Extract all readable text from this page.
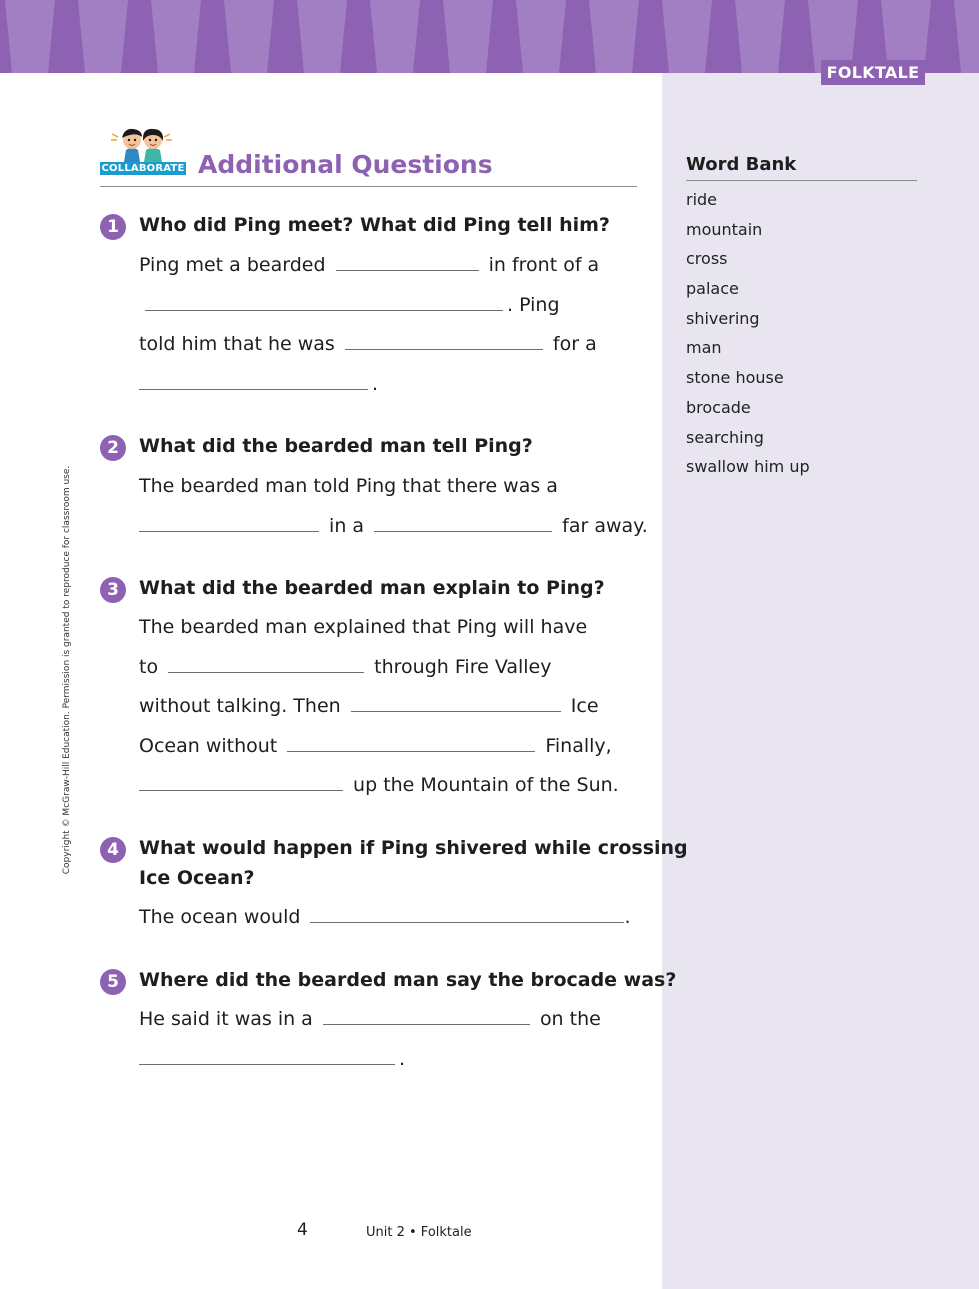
FOLKTALE
Copyright © McGraw-Hill Education. Permission is granted to reproduce for classroom use.
COLLABORATE Additional Questions	Word Bank
ride
mountain
cross
palace
shivering
man
stone house
brocade
searching
swallow him up
1	Who did Ping meet? What did Ping tell him?
Ping met a bearded	in front of a
. Ping
told him that he was	for a
.
2	What did the bearded man tell Ping?
The bearded man told Ping that there was a
in a	far away.
3	What did the bearded man explain to Ping?
The bearded man explained that Ping will have
to	through Fire Valley
without talking. Then	Ice
Ocean without	Finally,
up the Mountain of the Sun.
4	What would happen if Ping shivered while crossing
Ice Ocean?
The ocean would	.
5	Where did the bearded man say the brocade was?
He said it was in a	on the
.
4	Unit 2 • Folktale
